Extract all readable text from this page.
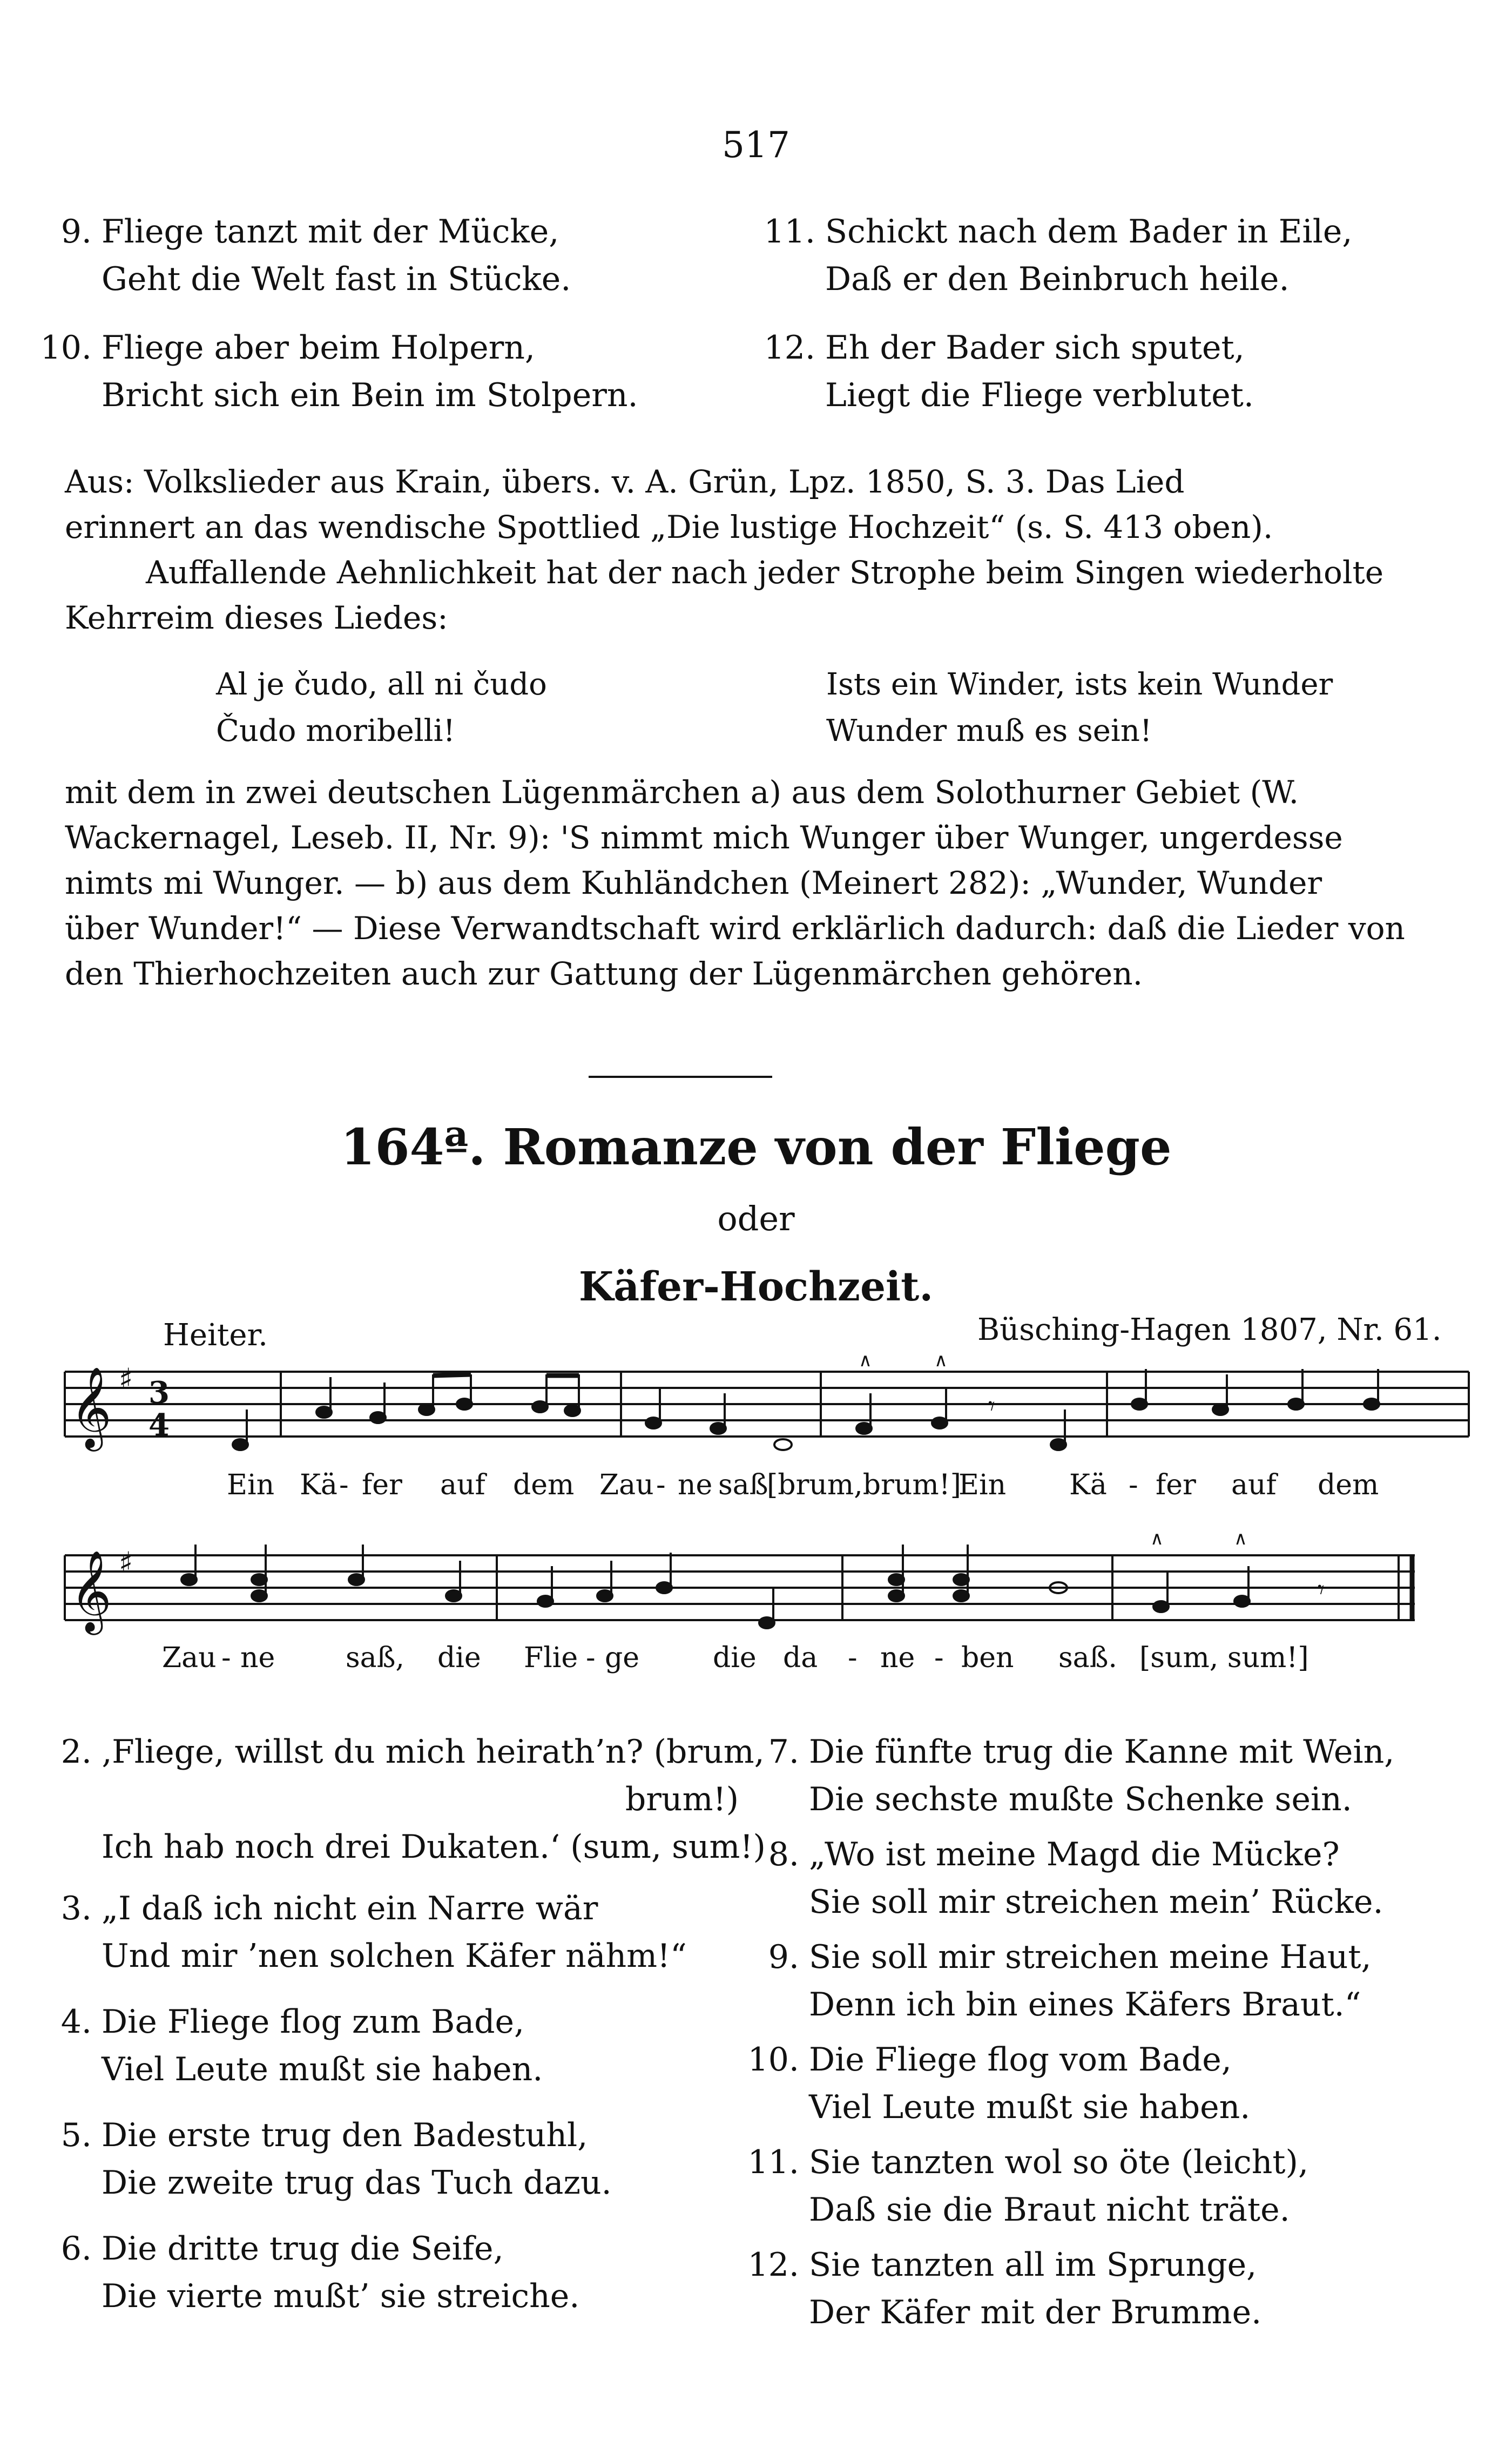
517
9. Fliege tanzt mit der Mücke,
Geht die Welt fast in Stücke.
10. Fliege aber beim Holpern,
Bricht sich ein Bein im Stolpern.
11. Schickt nach dem Bader in Eile,
Daß er den Beinbruch heile.
12. Eh der Bader sich sputet,
Liegt die Fliege verblutet.
Aus: Volkslieder aus Krain, übers. v. A. Grün, Lpz. 1850, S. 3. Das Lied
erinnert an das wendische Spottlied „Die lustige Hochzeit“ (s. S. 413 oben).
Auffallende Aehnlichkeit hat der nach jeder Strophe beim Singen wiederholte
Kehrreim dieses Liedes:
Al je čudo, all ni čudo
Čudo moribelli!
Ists ein Winder, ists kein Wunder
Wunder muß es sein!
mit dem in zwei deutschen Lügenmärchen a) aus dem Solothurner Gebiet (W.
Wackernagel, Leseb. II, Nr. 9): 'S nimmt mich Wunger über Wunger, ungerdesse
nimts mi Wunger. — b) aus dem Kuhländchen (Meinert 282): „Wunder, Wunder
über Wunder!“ — Diese Verwandtschaft wird erklärlich dadurch: daß die Lieder von
den Thierhochzeiten auch zur Gattung der Lügenmärchen gehören.
164ª. Romanze von der Fliege
oder
Käfer-Hochzeit.
Heiter.	Büsching-Hagen 1807, Nr. 61.
𝄞 ♯ 3
4
∧	∧
𝄾
Ein Kä - fer auf dem Zau - ne saß
[brum,brum!]
Ein Kä - fer auf dem
𝄞 ♯
∧	∧
𝄾
Zau - ne	saß, die Flie - ge	die da - ne - ben saß. [sum, sum!]
2. ‚Fliege, willst du mich heirath’n? (brum,
brum!)
Ich hab noch drei Dukaten.‘ (sum, sum!)
3. „I daß ich nicht ein Narre wär
Und mir ’nen solchen Käfer nähm!“
4. Die Fliege flog zum Bade,
Viel Leute mußt sie haben.
5. Die erste trug den Badestuhl,
Die zweite trug das Tuch dazu.
6. Die dritte trug die Seife,
Die vierte mußt’ sie streiche.
7. Die fünfte trug die Kanne mit Wein,
Die sechste mußte Schenke sein.
8. „Wo ist meine Magd die Mücke?
Sie soll mir streichen mein’ Rücke.
9. Sie soll mir streichen meine Haut,
Denn ich bin eines Käfers Braut.“
10. Die Fliege flog vom Bade,
Viel Leute mußt sie haben.
11. Sie tanzten wol so öte (leicht),
Daß sie die Braut nicht träte.
12. Sie tanzten all im Sprunge,
Der Käfer mit der Brumme.
